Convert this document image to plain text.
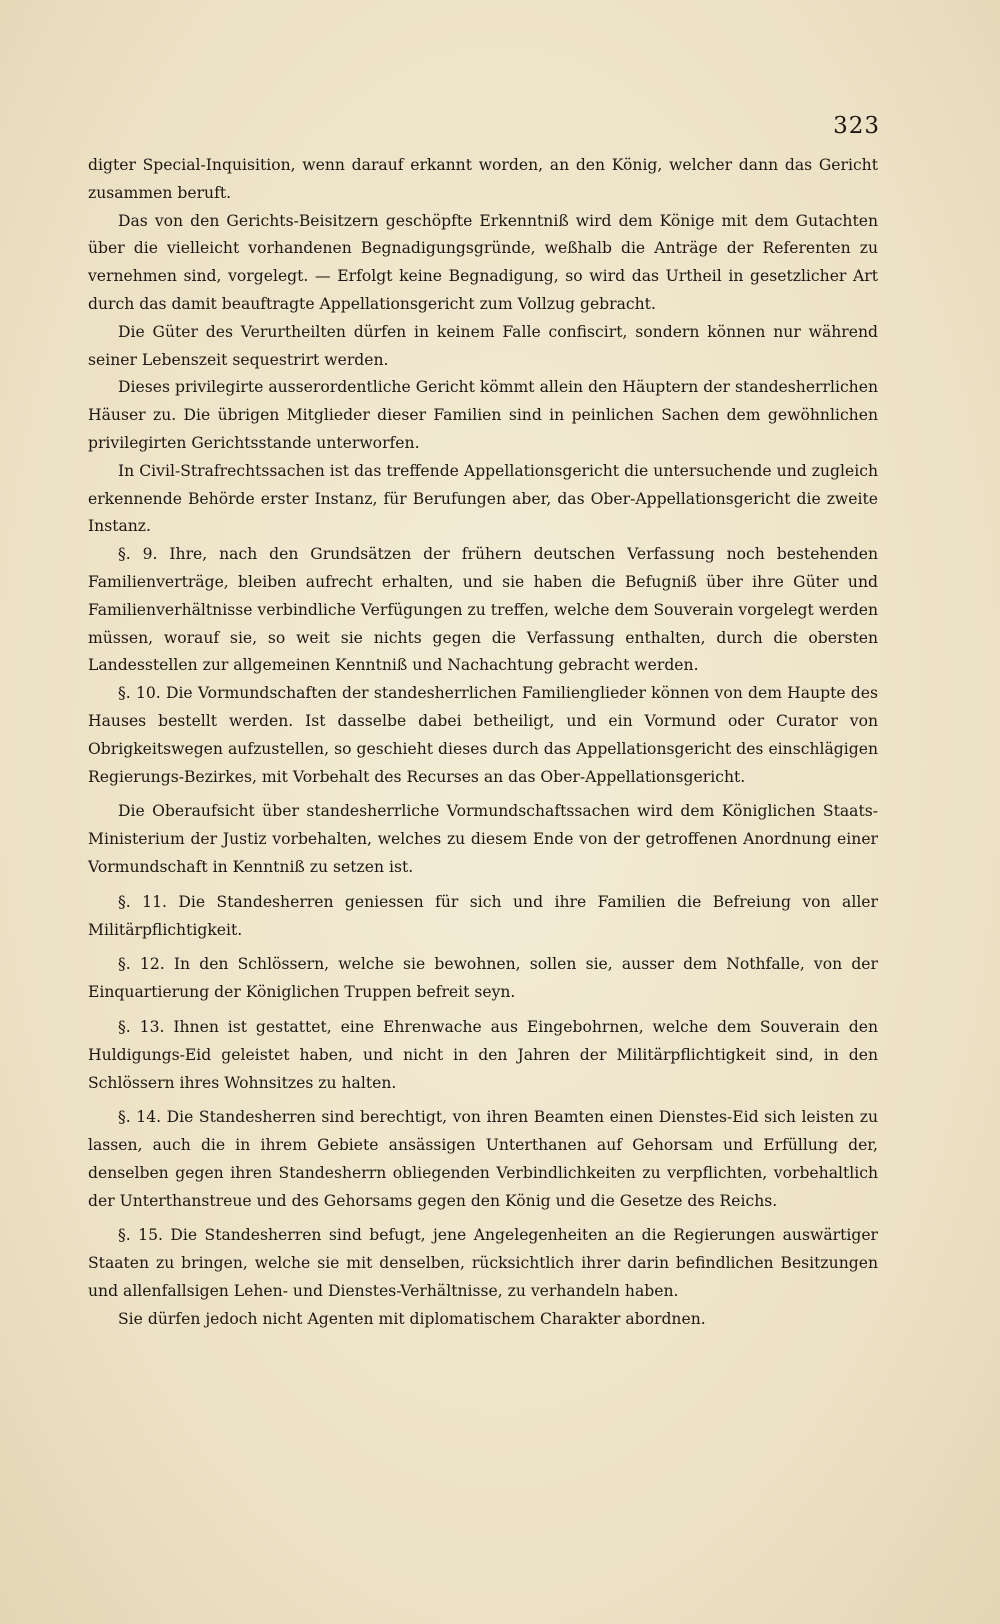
323

digter Special-Inquisition, wenn darauf erkannt worden, an den König, welcher dann das Gericht zusammen beruft.

Das von den Gerichts-Beisitzern geschöpfte Erkenntniß wird dem Könige mit dem Gutachten über die vielleicht vorhandenen Begnadigungsgründe, weßhalb die Anträge der Referenten zu vernehmen sind, vorgelegt. — Erfolgt keine Begnadigung, so wird das Urtheil in gesetzlicher Art durch das damit beauftragte Appellationsgericht zum Vollzug gebracht.

Die Güter des Verurtheilten dürfen in keinem Falle confiscirt, sondern können nur während seiner Lebenszeit sequestrirt werden.

Dieses privilegirte ausserordentliche Gericht kömmt allein den Häuptern der standesherrlichen Häuser zu. Die übrigen Mitglieder dieser Familien sind in peinlichen Sachen dem gewöhnlichen privilegirten Gerichtsstande unterworfen.

In Civil-Strafrechtssachen ist das treffende Appellationsgericht die untersuchende und zugleich erkennende Behörde erster Instanz, für Berufungen aber, das Ober-Appellationsgericht die zweite Instanz.

§. 9. Ihre, nach den Grundsätzen der frühern deutschen Verfassung noch bestehenden Familienverträge, bleiben aufrecht erhalten, und sie haben die Befugniß über ihre Güter und Familienverhältnisse verbindliche Verfügungen zu treffen, welche dem Souverain vorgelegt werden müssen, worauf sie, so weit sie nichts gegen die Verfassung enthalten, durch die obersten Landesstellen zur allgemeinen Kenntniß und Nachachtung gebracht werden.

§. 10. Die Vormundschaften der standesherrlichen Familienglieder können von dem Haupte des Hauses bestellt werden. Ist dasselbe dabei betheiligt, und ein Vormund oder Curator von Obrigkeitswegen aufzustellen, so geschieht dieses durch das Appellationsgericht des einschlägigen Regierungs-Bezirkes, mit Vorbehalt des Recurses an das Ober-Appellationsgericht.

Die Oberaufsicht über standesherrliche Vormundschaftssachen wird dem Königlichen Staats-Ministerium der Justiz vorbehalten, welches zu diesem Ende von der getroffenen Anordnung einer Vormundschaft in Kenntniß zu setzen ist.

§. 11. Die Standesherren geniessen für sich und ihre Familien die Befreiung von aller Militärpflichtigkeit.

§. 12. In den Schlössern, welche sie bewohnen, sollen sie, ausser dem Nothfalle, von der Einquartierung der Königlichen Truppen befreit seyn.

§. 13. Ihnen ist gestattet, eine Ehrenwache aus Eingebohrnen, welche dem Souverain den Huldigungs-Eid geleistet haben, und nicht in den Jahren der Militärpflichtigkeit sind, in den Schlössern ihres Wohnsitzes zu halten.

§. 14. Die Standesherren sind berechtigt, von ihren Beamten einen Dienstes-Eid sich leisten zu lassen, auch die in ihrem Gebiete ansässigen Unterthanen auf Gehorsam und Erfüllung der, denselben gegen ihren Standesherrn obliegenden Verbindlichkeiten zu verpflichten, vorbehaltlich der Unterthanstreue und des Gehorsams gegen den König und die Gesetze des Reichs.

§. 15. Die Standesherren sind befugt, jene Angelegenheiten an die Regierungen auswärtiger Staaten zu bringen, welche sie mit denselben, rücksichtlich ihrer darin befindlichen Besitzungen und allenfallsigen Lehen- und Dienstes-Verhältnisse, zu verhandeln haben.

Sie dürfen jedoch nicht Agenten mit diplomatischem Charakter abordnen.
